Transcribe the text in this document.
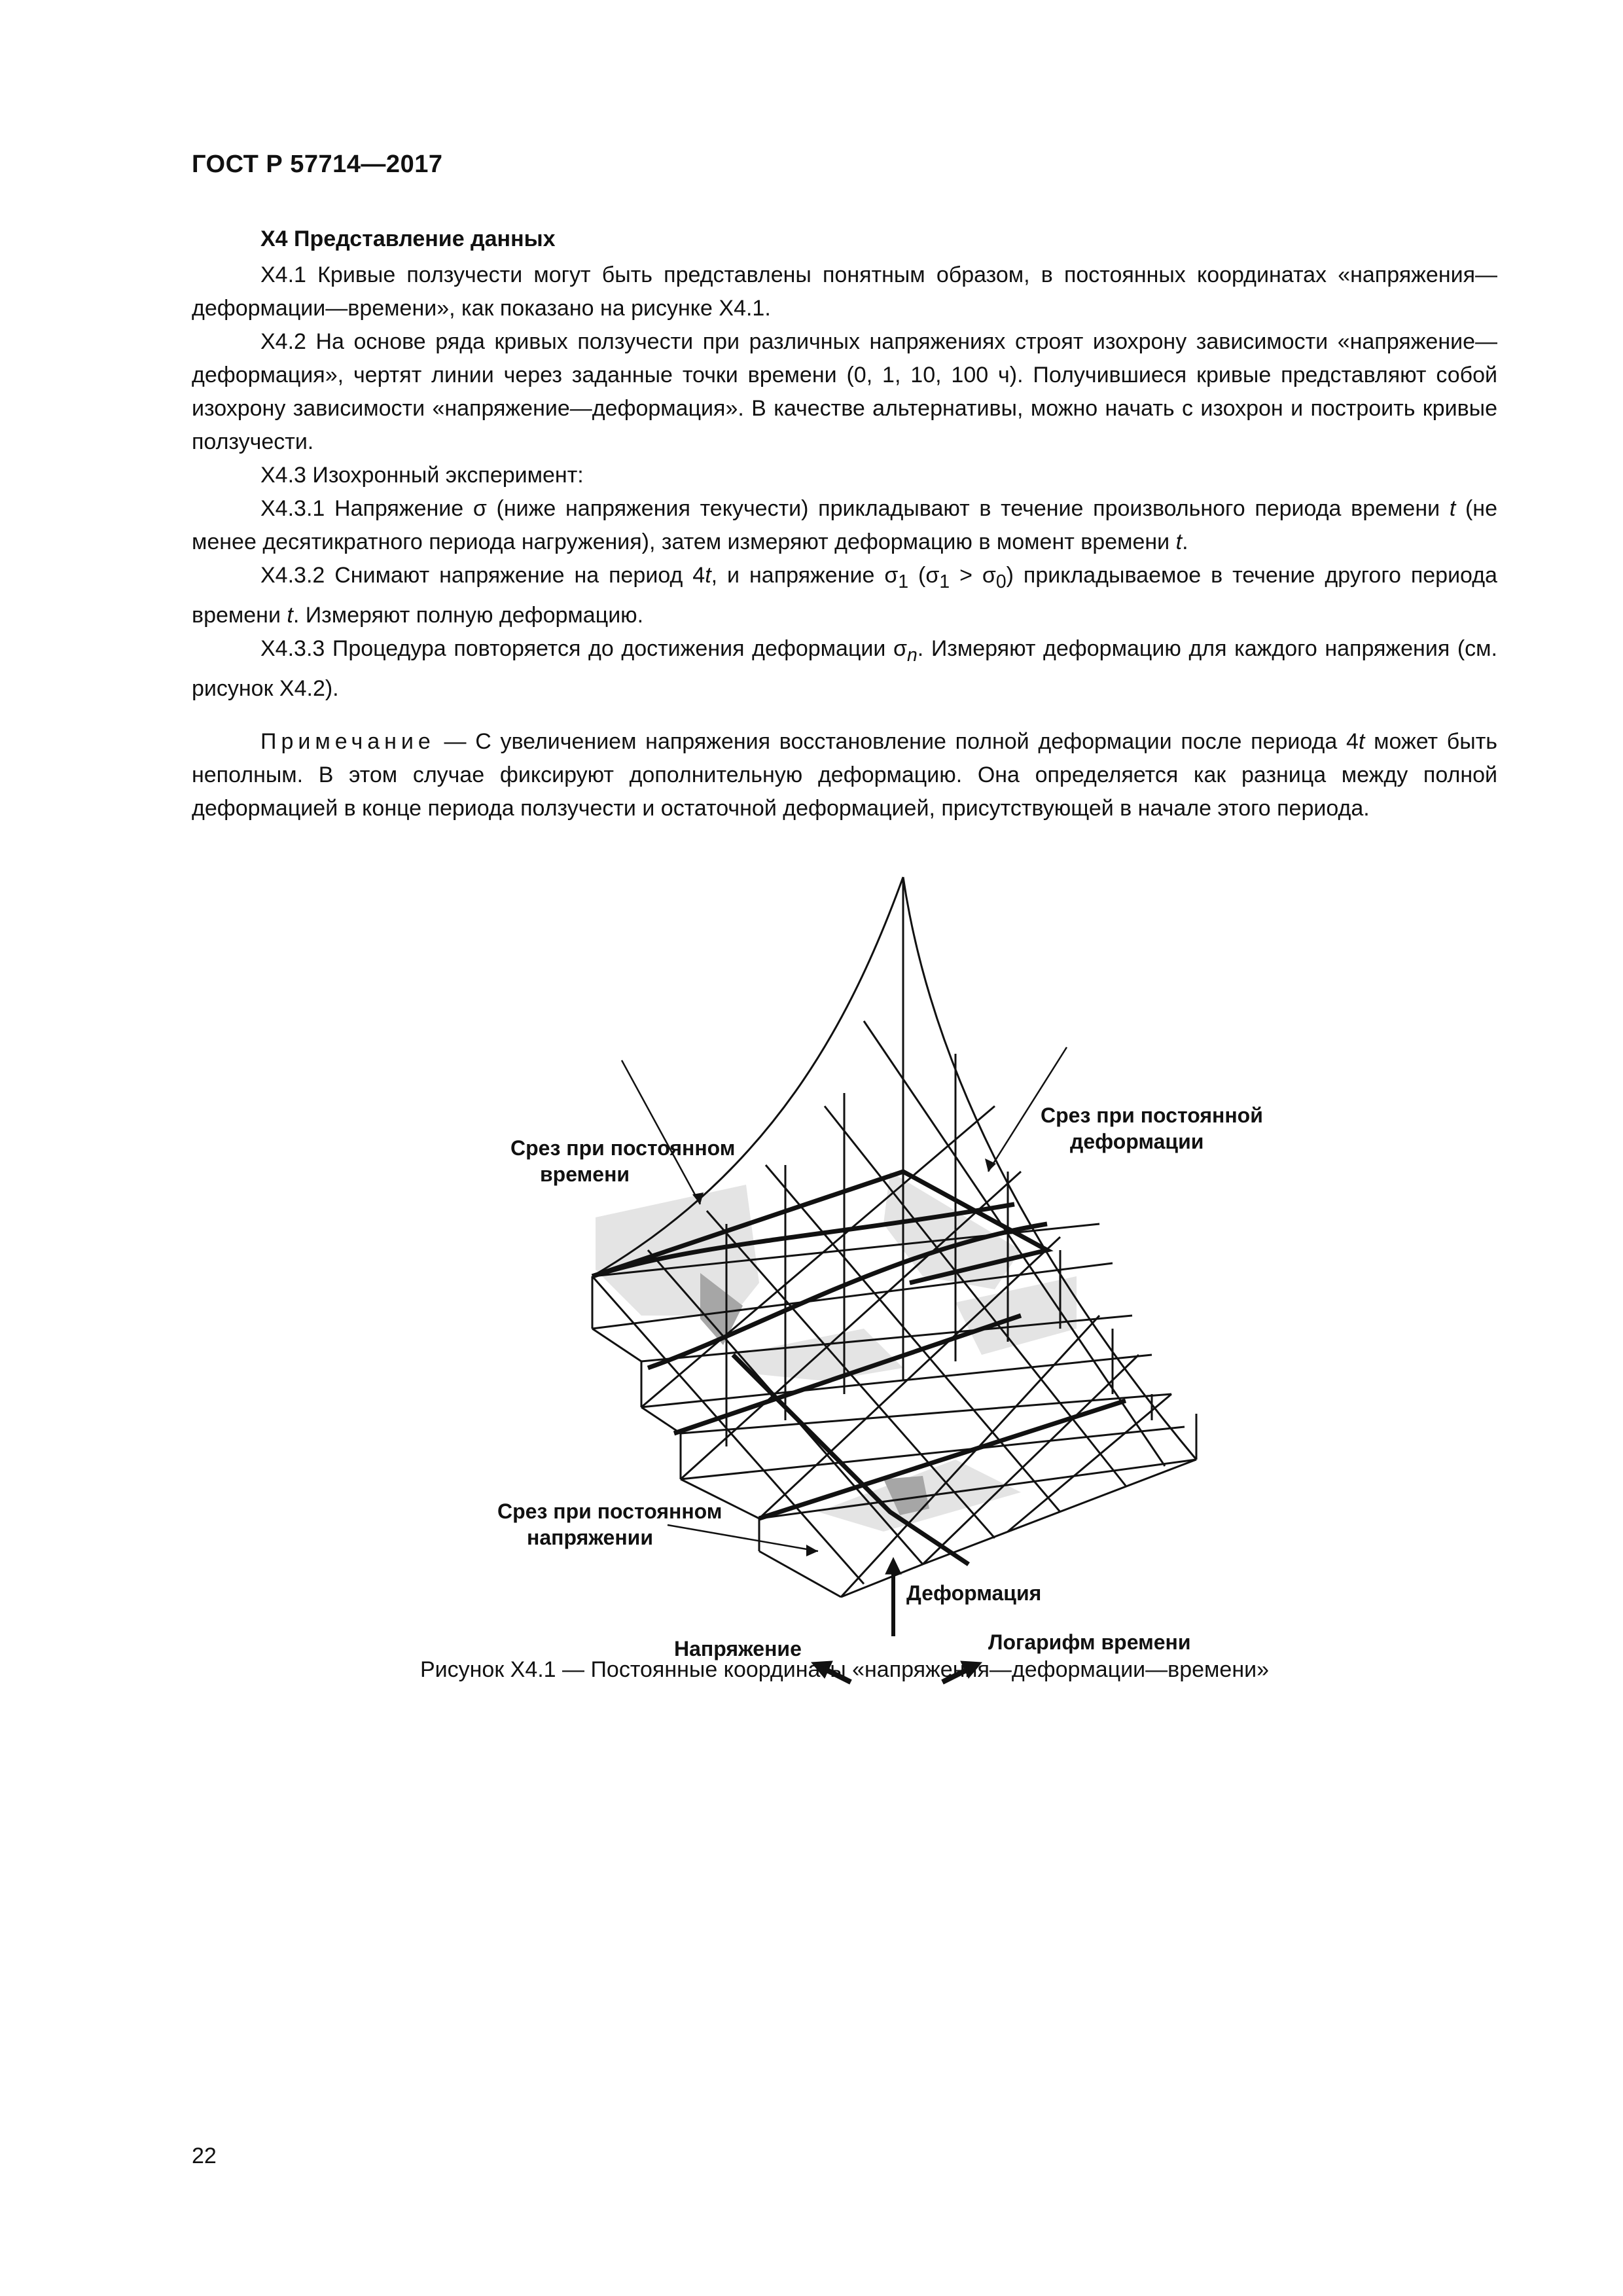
ГОСТ Р 57714—2017

Х4 Представление данных

Х4.1 Кривые ползучести могут быть представлены понятным образом, в постоянных координатах «напряжения—деформации—времени», как показано на рисунке Х4.1.

Х4.2 На основе ряда кривых ползучести при различных напряжениях строят изохрону зависимости «напряжение—деформация», чертят линии через заданные точки времени (0, 1, 10, 100 ч). Получившиеся кривые представляют собой изохрону зависимости «напряжение—деформация». В качестве альтернативы, можно начать с изохрон и построить кривые ползучести.

Х4.3 Изохронный эксперимент:

Х4.3.1 Напряжение σ (ниже напряжения текучести) прикладывают в течение произвольного периода времени t (не менее десятикратного периода нагружения), затем измеряют деформацию в момент времени t.

Х4.3.2 Снимают напряжение на период 4t, и напряжение $\sigma_1$ $(\sigma_1 > \sigma_0)$ прикладываемое в течение другого периода времени t. Измеряют полную деформацию.

Х4.3.3 Процедура повторяется до достижения деформации $\sigma_n$. Измеряют деформацию для каждого напряжения (см. рисунок Х4.2).

Примечание — С увеличением напряжения восстановление полной деформации после периода 4t может быть неполным. В этом случае фиксируют дополнительную деформацию. Она определяется как разница между полной деформацией в конце периода ползучести и остаточной деформацией, присутствующей в начале этого периода.

Срез при постоянном
времени
Срез при постоянной
деформации
Срез при постоянном
напряжении
Деформация
Напряжение	Логарифм времени
Рисунок Х4.1 — Постоянные координаты «напряжения—деформации—времени»
22
